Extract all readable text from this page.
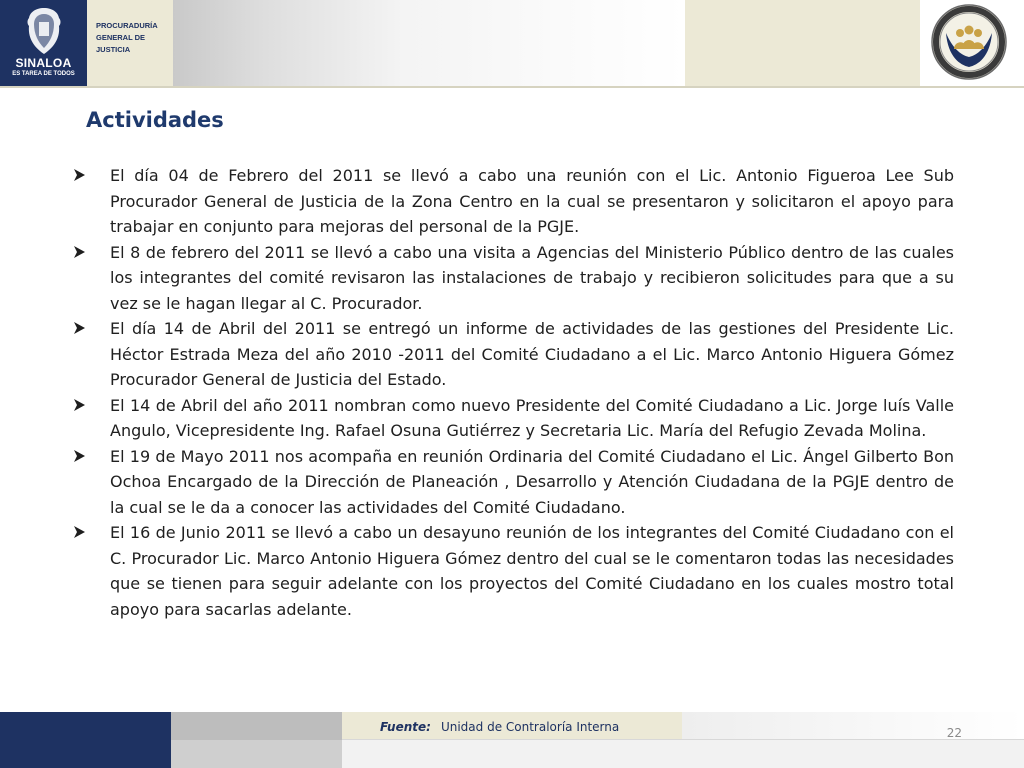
SINALOA
ES TAREA DE TODOS
PROCURADURÍA
GENERAL DE
JUSTICIA
Actividades
El día 04 de Febrero del 2011 se llevó a cabo una reunión con el Lic. Antonio Figueroa Lee Sub Procurador General de Justicia de la Zona Centro en la cual se presentaron y solicitaron el apoyo para trabajar en conjunto para mejoras del personal de la PGJE.
El 8 de febrero del 2011 se llevó a cabo una visita a Agencias del Ministerio Público dentro de las cuales los integrantes del comité revisaron las instalaciones de trabajo y recibieron solicitudes para que a su vez se le hagan llegar al C. Procurador.
El día 14 de Abril del 2011 se entregó un informe de actividades de las gestiones del Presidente Lic. Héctor Estrada Meza del año 2010 -2011 del Comité Ciudadano a el Lic. Marco Antonio Higuera Gómez Procurador General de Justicia del Estado.
El 14 de Abril del año 2011 nombran como nuevo Presidente del Comité Ciudadano a Lic. Jorge luís Valle Angulo, Vicepresidente Ing. Rafael Osuna Gutiérrez y Secretaria Lic. María del Refugio Zevada Molina.
El 19 de Mayo 2011 nos acompaña en reunión Ordinaria del Comité Ciudadano el Lic. Ángel Gilberto Bon Ochoa Encargado de la Dirección de Planeación , Desarrollo y Atención Ciudadana de la PGJE dentro de la cual se le da a conocer las actividades del Comité Ciudadano.
El 16 de Junio 2011 se llevó a cabo un desayuno reunión de los integrantes del Comité Ciudadano con el C. Procurador Lic. Marco Antonio Higuera Gómez dentro del cual se le comentaron todas las necesidades que se tienen para seguir adelante con los proyectos del Comité Ciudadano en los cuales mostro total apoyo para sacarlas adelante.
Fuente: Unidad de Contraloría Interna	22
